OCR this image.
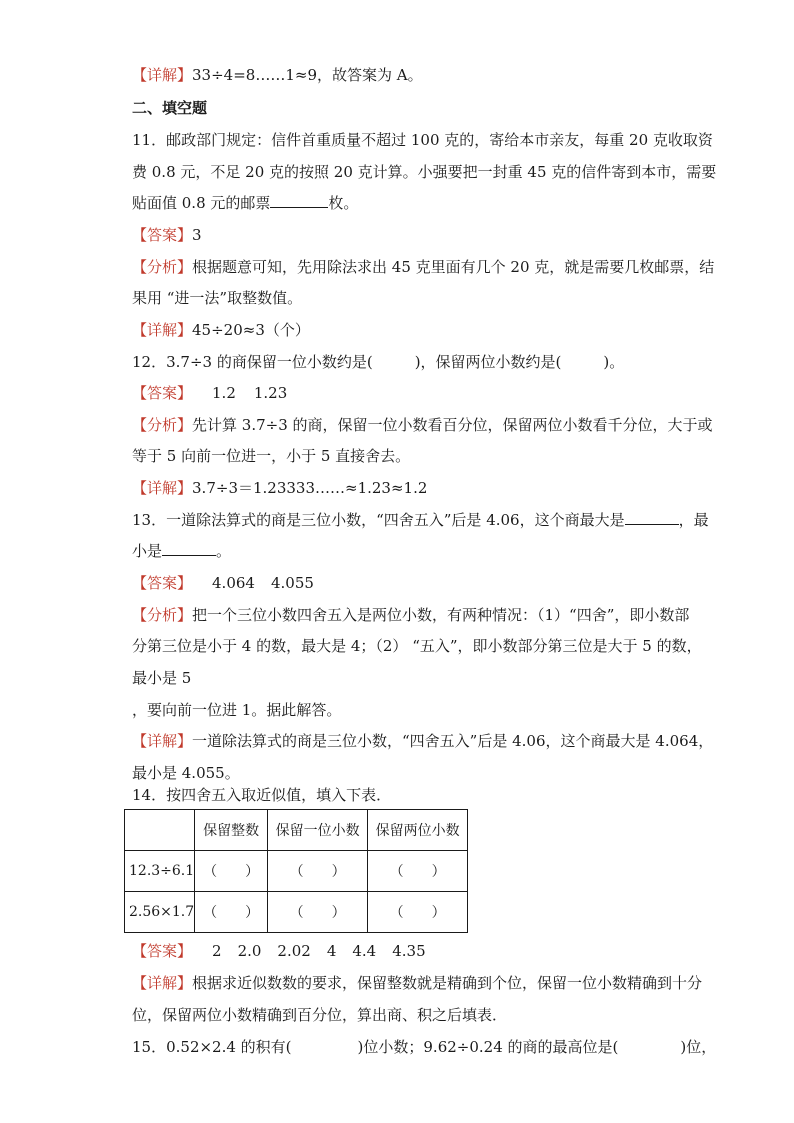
【详解】33÷4=8……1≈9，故答案为 A。
二、填空题
11．邮政部门规定：信件首重质量不超过 100 克的，寄给本市亲友，每重 20 克收取资
费 0.8 元，不足 20 克的按照 20 克计算。小强要把一封重 45 克的信件寄到本市，需要
贴面值 0.8 元的邮票	枚。
【答案】3
【分析】根据题意可知，先用除法求出 45 克里面有几个 20 克，就是需要几枚邮票，结
果用 “进一法”取整数值。
【详解】45÷20≈3（个）
12．3.7÷3 的商保留一位小数约是(	)，保留两位小数约是(	)。
【答案】 1.2 1.23
【分析】先计算 3.7÷3 的商，保留一位小数看百分位，保留两位小数看千分位，大于或
等于 5 向前一位进一，小于 5 直接舍去。
【详解】3.7÷3＝1.23333……≈1.23≈1.2
13．一道除法算式的商是三位小数，“四舍五入”后是 4.06，这个商最大是	，最
小是	。
【答案】 4.064 4.055
【分析】把一个三位小数四舍五入是两位小数，有两种情况：（1）“四舍”，即小数部
分第三位是小于 4 的数，最大是 4；（2） “五入”，即小数部分第三位是大于 5 的数，
最小是 5
，要向前一位进 1。据此解答。
【详解】一道除法算式的商是三位小数，“四舍五入”后是 4.06，这个商最大是 4.064，
最小是 4.055。
14．按四舍五入取近似值，填入下表．
	保留整数	保留一位小数	保留两位小数
12.3÷6.1	（　　）	（　　）	（　　）
2.56×1.7	（　　）	（　　）	（　　）
【答案】 2 2.0 2.02 4 4.4 4.35
【详解】根据求近似数数的要求，保留整数就是精确到个位，保留一位小数精确到十分
位，保留两位小数精确到百分位，算出商、积之后填表．
15．0.52×2.4 的积有(	)位小数；9.62÷0.24 的商的最高位是(	)位，
